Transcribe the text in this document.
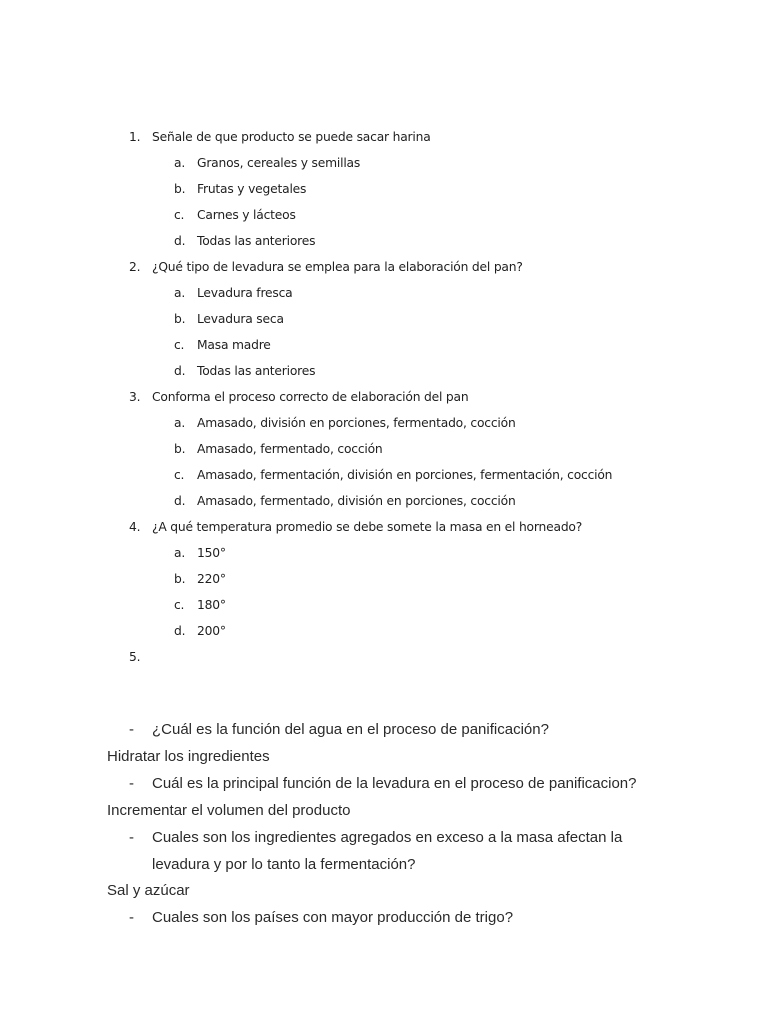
1. Señale de que producto se puede sacar harina
a. Granos, cereales y semillas
b. Frutas y vegetales
c. Carnes y lácteos
d. Todas las anteriores
2. ¿Qué tipo de levadura se emplea para la elaboración del pan?
a. Levadura fresca
b. Levadura seca
c. Masa madre
d. Todas las anteriores
3. Conforma el proceso correcto de elaboración del pan
a. Amasado, división en porciones, fermentado, cocción
b. Amasado, fermentado, cocción
c. Amasado, fermentación, división en porciones, fermentación, cocción
d. Amasado, fermentado, división en porciones, cocción
4. ¿A qué temperatura promedio se debe somete la masa en el horneado?
a. 150°
b. 220°
c. 180°
d. 200°
5.
- ¿Cuál es la función del agua en el proceso de panificación?
Hidratar los ingredientes
- Cuál es la principal función de la levadura en el proceso de panificacion?
Incrementar el volumen del producto
- Cuales son los ingredientes agregados en exceso a la masa afectan la
levadura y por lo tanto la fermentación?
Sal y azúcar
- Cuales son los países con mayor producción de trigo?
